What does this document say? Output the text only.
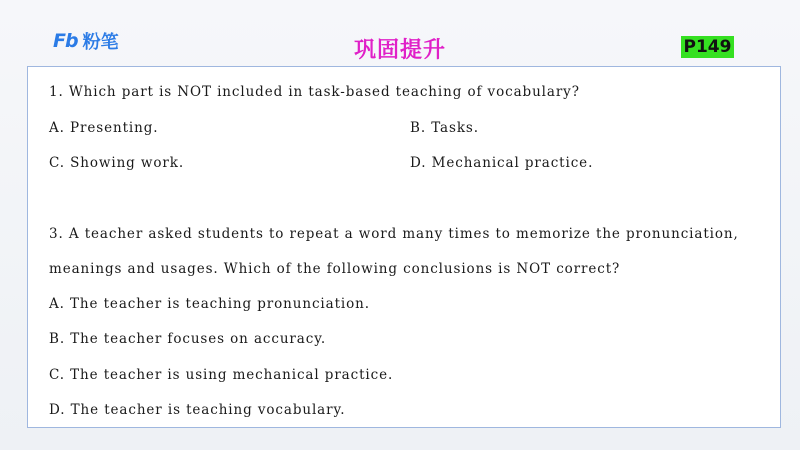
Fb 粉笔	巩固提升	P149
1. Which part is NOT included in task-based teaching of vocabulary?
A. Presenting.	B. Tasks.
C. Showing work.	D. Mechanical practice.
3. A teacher asked students to repeat a word many times to memorize the pronunciation,
meanings and usages. Which of the following conclusions is NOT correct?
A. The teacher is teaching pronunciation.
B. The teacher focuses on accuracy.
C. The teacher is using mechanical practice.
D. The teacher is teaching vocabulary.
